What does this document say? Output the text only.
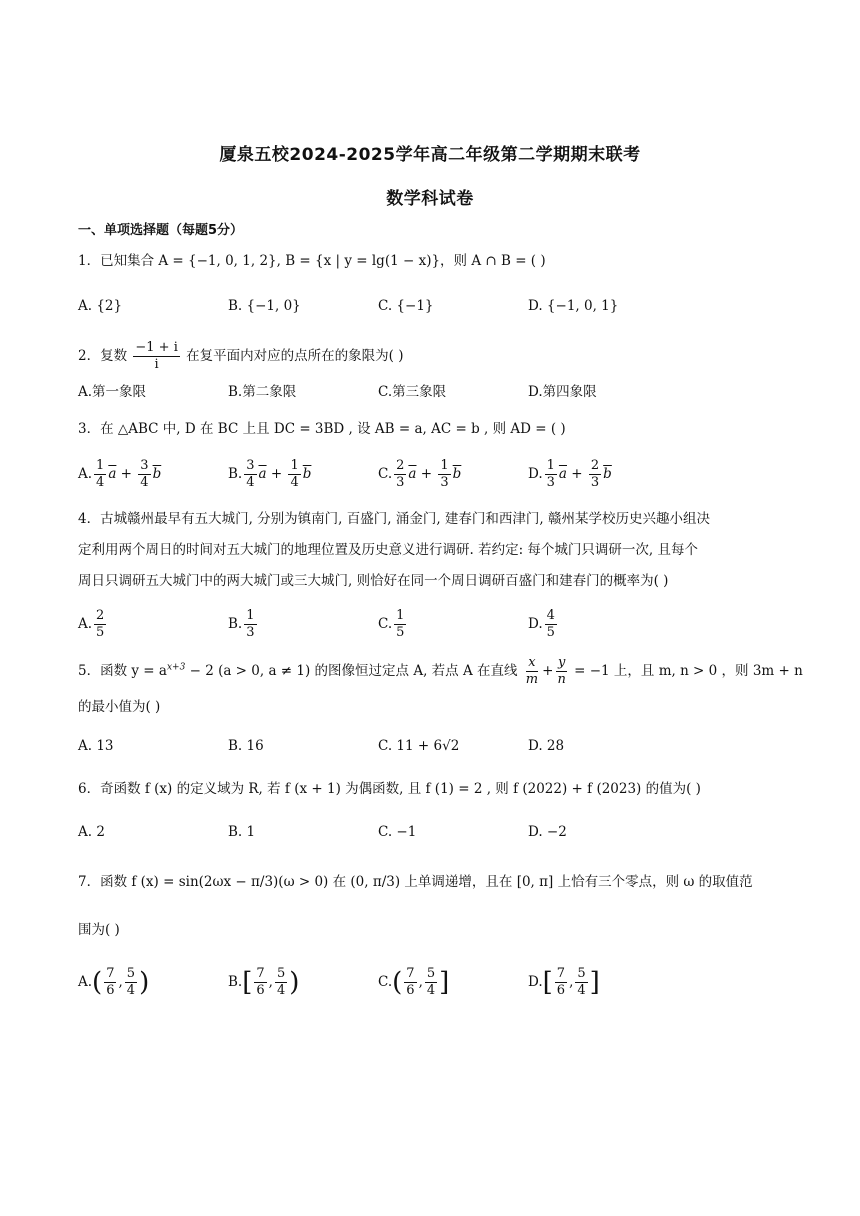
厦泉五校2024-2025学年高二年级第二学期期末联考
数学科试卷
一、单项选择题（每题5分）
1．已知集合 A = {−1, 0, 1, 2}, B = {x | y = lg(1 − x)}，则 A ∩ B = ( )
A. {2}	B. {−1, 0}	C. {−1}	D. {−1, 0, 1}
2．复数 $\frac{-1 + i}{i}$ 在复平面内对应的点所在的象限为( )
A.第一象限	B.第二象限	C.第三象限	D.第四象限
3．在 △ABC 中, D 在 BC 上且 DC = 3BD , 设 AB = a, AC = b , 则 AD = ( )
A. $\frac{1}{4} \overline{a} + \frac{3}{4} \overline{b}$	B. $\frac{3}{4} \overline{a} + \frac{1}{4} \overline{b}$	C. $\frac{2}{3} \overline{a} + \frac{1}{3} \overline{b}$	D. $\frac{1}{3} \overline{a} + \frac{2}{3} \overline{b}$
4．古城赣州最早有五大城门, 分别为镇南门, 百盛门, 涌金门, 建春门和西津门, 赣州某学校历史兴趣小组决
定利用两个周日的时间对五大城门的地理位置及历史意义进行调研. 若约定: 每个城门只调研一次, 且每个
周日只调研五大城门中的两大城门或三大城门, 则恰好在同一个周日调研百盛门和建春门的概率为( )
A. $\frac{2}{5}$	B. $\frac{1}{3}$	C. $\frac{1}{5}$	D. $\frac{4}{5}$
5．函数 $y = a^{x+3} - 2$ (a > 0, a ≠ 1) 的图像恒过定点 A, 若点 A 在直线 $\frac{x}{m} + \frac{y}{n} = -1$ 上，且 m, n > 0 ，则 3m + n
的最小值为( )
A. 13	B. 16	C. 11 + 6√2	D. 28
6．奇函数 f (x) 的定义域为 R, 若 f (x + 1) 为偶函数, 且 f (1) = 2 , 则 f (2022) + f (2023) 的值为( )
A. 2	B. 1	C. −1	D. −2
7．函数 f (x) = sin(2ωx − π/3)(ω > 0) 在 (0, π/3) 上单调递增，且在 [0, π] 上恰有三个零点，则 ω 的取值范
围为( )
$A.( \frac{7}{6}$ , $\frac{5}{4}$ )	$B.[ \frac{7}{6}$ , $\frac{5}{4}$ )	$C.( \frac{7}{6}$ , $\frac{5}{4}$ ]	$D.[ \frac{7}{6}$ , $\frac{5}{4}$ ]
